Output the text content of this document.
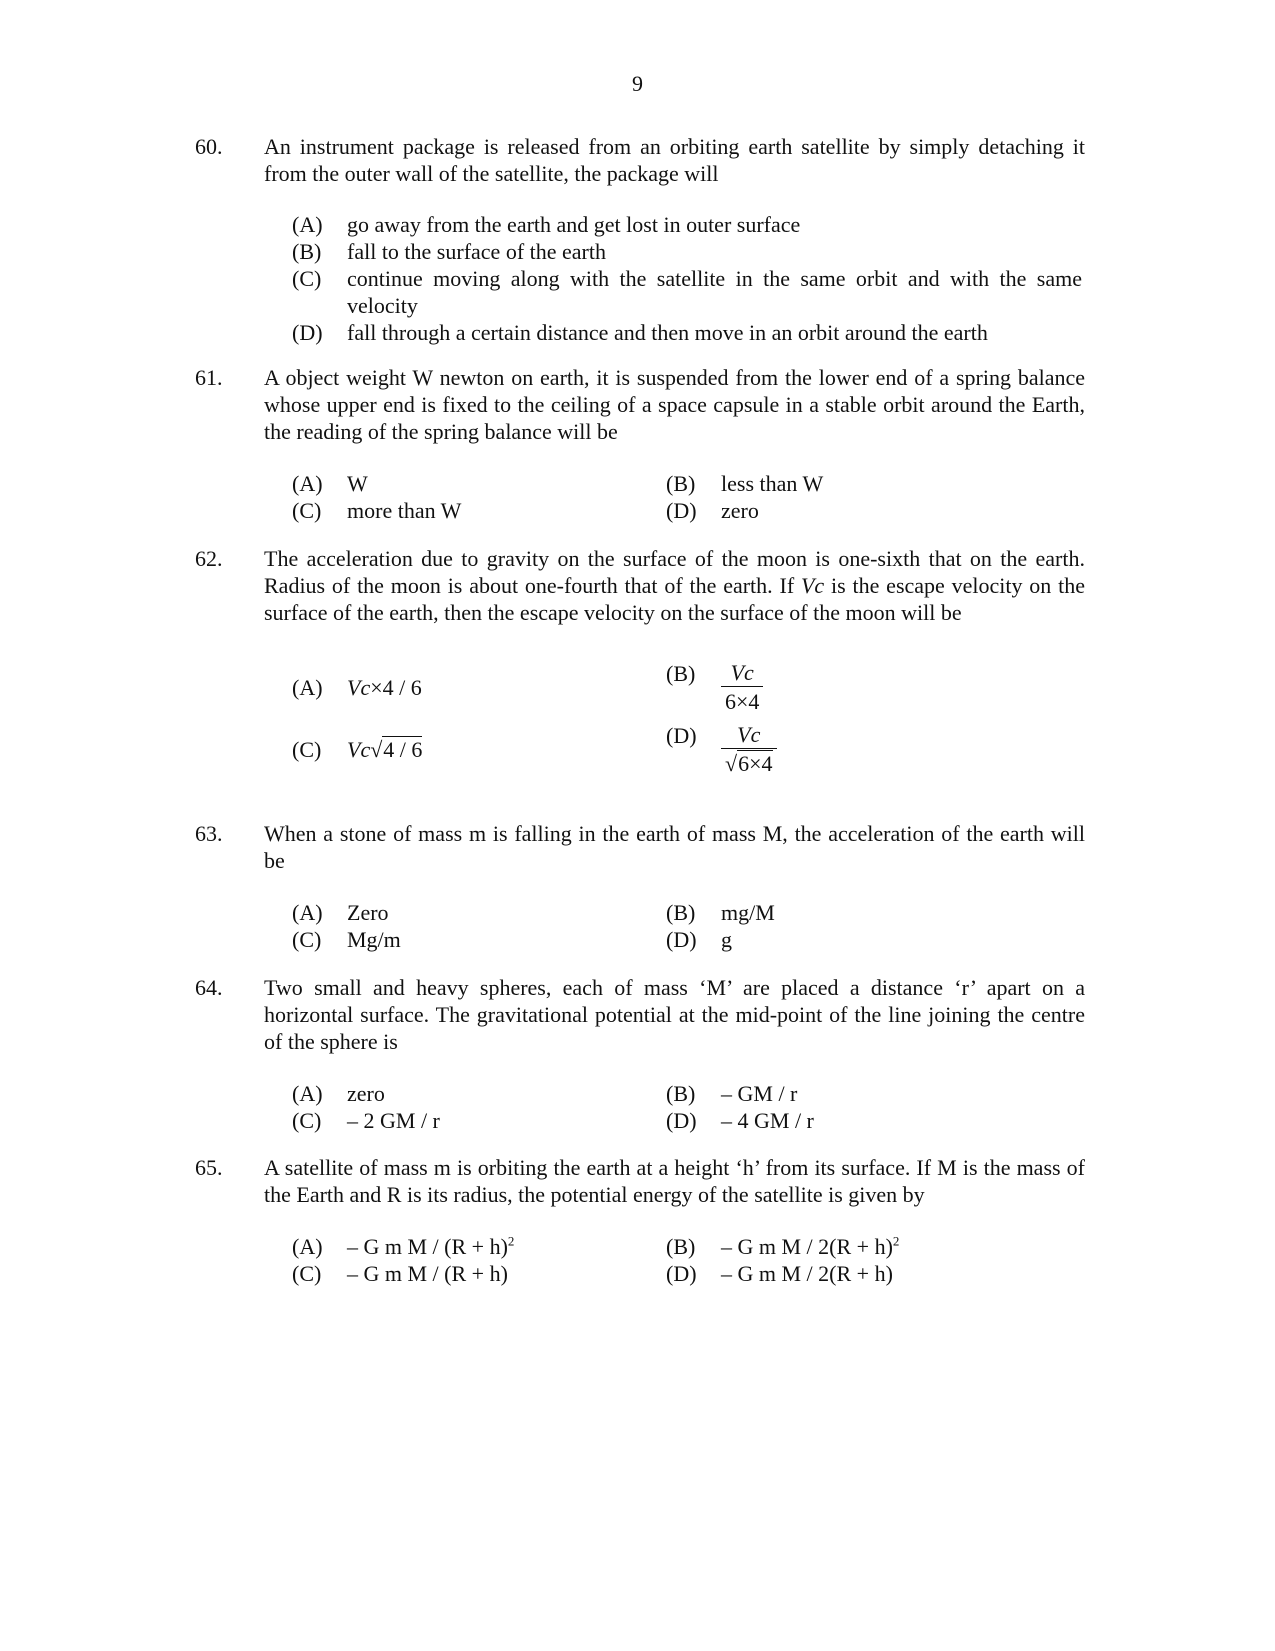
9
60.	An instrument package is released from an orbiting earth satellite by simply detaching it from the outer wall of the satellite, the package will
(A)	go away from the earth and get lost in outer surface
(B)	fall to the surface of the earth
(C)	continue moving along with the satellite in the same orbit and with the same velocity
(D)	fall through a certain distance and then move in an orbit around the earth
61.	A object weight W newton on earth, it is suspended from the lower end of a spring balance whose upper end is fixed to the ceiling of a space capsule in a stable orbit around the Earth, the reading of the spring balance will be
(A)	W	(B)	less than W
(C)	more than W	(D)	zero
62.	The acceleration due to gravity on the surface of the moon is one-sixth that on the earth. Radius of the moon is about one-fourth that of the earth. If Vc is the escape velocity on the surface of the earth, then the escape velocity on the surface of the moon will be
(A)	Vc×4 / 6
(B)	$\frac{Vc}{6\times 4}$
(C)	Vc√4 / 6
(D)	$\frac{Vc}{√6\times 4}$
63.	When a stone of mass m is falling in the earth of mass M, the acceleration of the earth will be
(A)	Zero	(B)	mg/M
(C)	Mg/m	(D)	g
64.	Two small and heavy spheres, each of mass ‘M’ are placed a distance ‘r’ apart on a horizontal surface. The gravitational potential at the mid-point of the line joining the centre of the sphere is
(A)	zero	(B)	– GM / r
(C)	– 2 GM / r	(D)	– 4 GM / r
65.	A satellite of mass m is orbiting the earth at a height ‘h’ from its surface. If M is the mass of the Earth and R is its radius, the potential energy of the satellite is given by
(A)	– G m $M / (R + h)^2$	(B)	– G m $M / 2(R + h)^2$
(C)	– G m M / (R + h)	(D)	– G m M / 2(R + h)
